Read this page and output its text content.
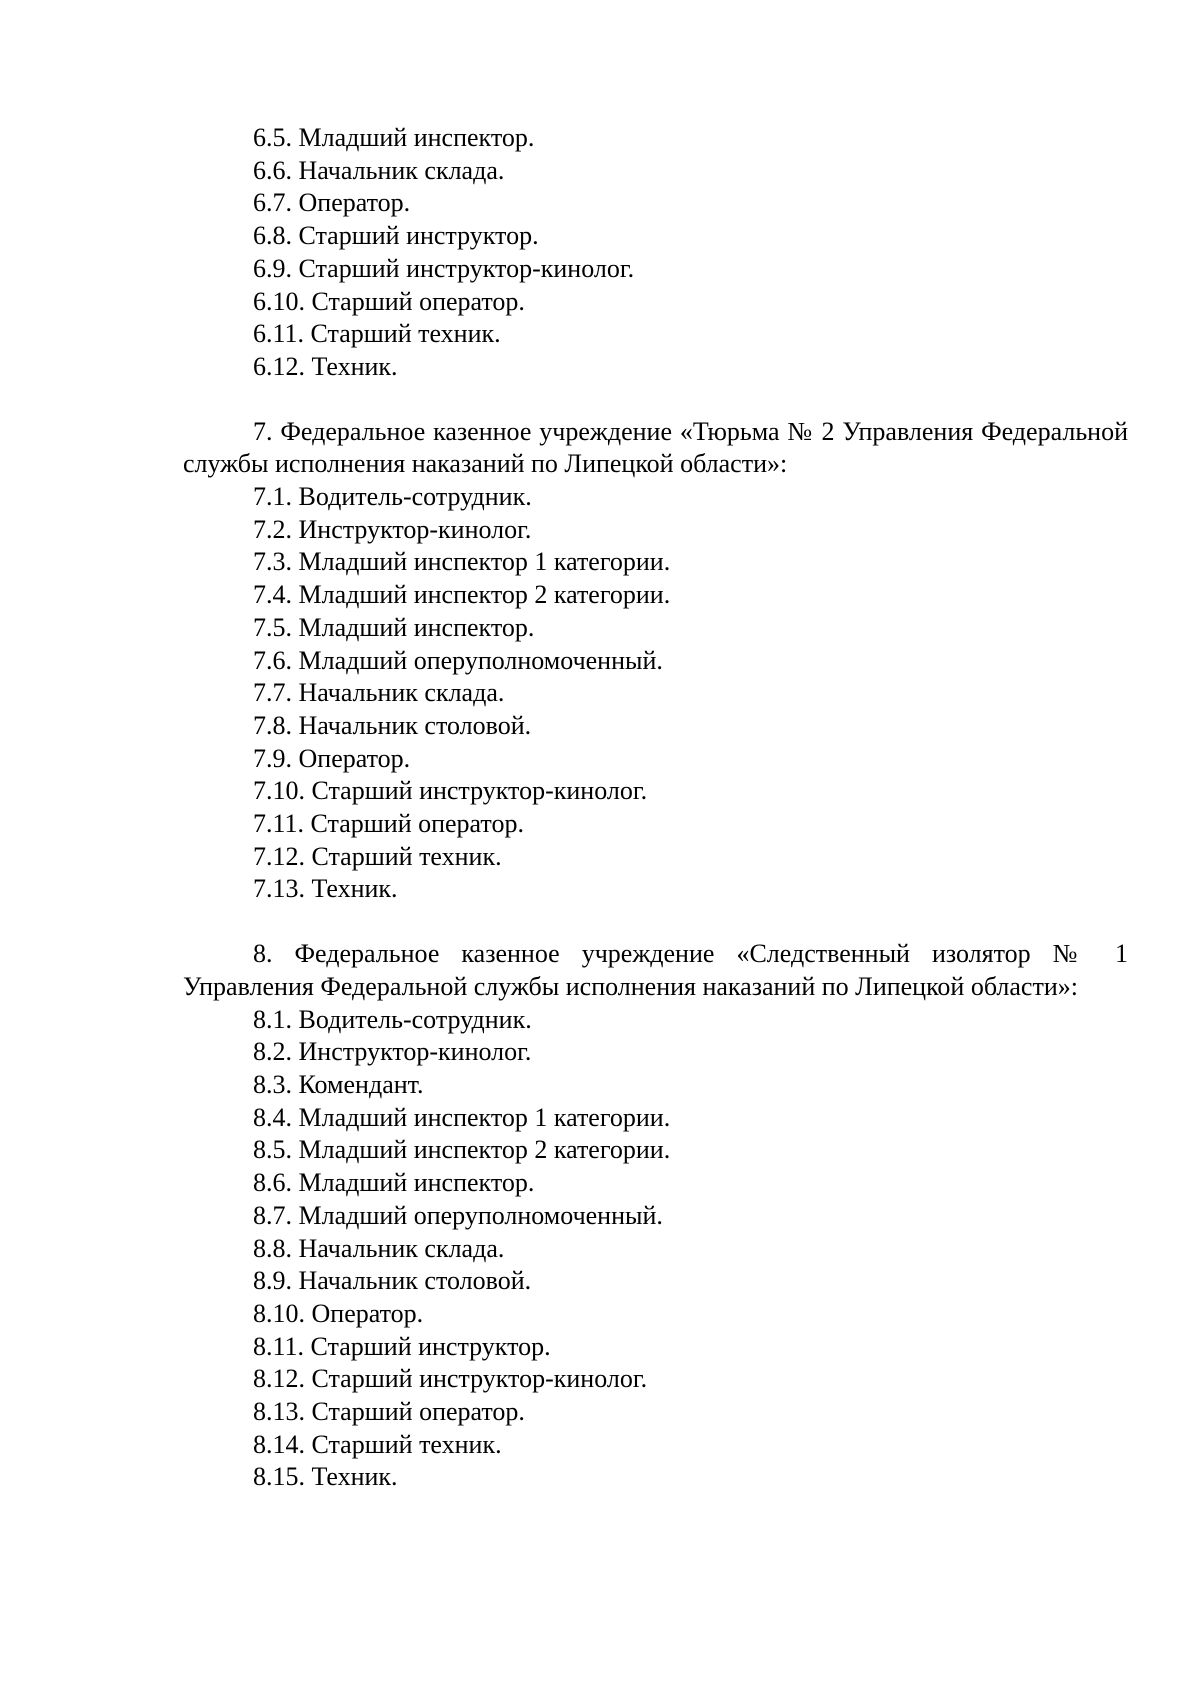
6.5. Младший инспектор.
6.6. Начальник склада.
6.7. Оператор.
6.8. Старший инструктор.
6.9. Старший инструктор-кинолог.
6.10. Старший оператор.
6.11. Старший техник.
6.12. Техник.

7. Федеральное казенное учреждение «Тюрьма № 2 Управления Федеральной службы исполнения наказаний по Липецкой области»:

7.1. Водитель-сотрудник.
7.2. Инструктор-кинолог.
7.3. Младший инспектор 1 категории.
7.4. Младший инспектор 2 категории.
7.5. Младший инспектор.
7.6. Младший оперуполномоченный.
7.7. Начальник склада.
7.8. Начальник столовой.
7.9. Оператор.
7.10. Старший инструктор-кинолог.
7.11. Старший оператор.
7.12. Старший техник.
7.13. Техник.

8. Федеральное казенное учреждение «Следственный изолятор № 1 Управления Федеральной службы исполнения наказаний по Липецкой области»:

8.1. Водитель-сотрудник.
8.2. Инструктор-кинолог.
8.3. Комендант.
8.4. Младший инспектор 1 категории.
8.5. Младший инспектор 2 категории.
8.6. Младший инспектор.
8.7. Младший оперуполномоченный.
8.8. Начальник склада.
8.9. Начальник столовой.
8.10. Оператор.
8.11. Старший инструктор.
8.12. Старший инструктор-кинолог.
8.13. Старший оператор.
8.14. Старший техник.
8.15. Техник.
